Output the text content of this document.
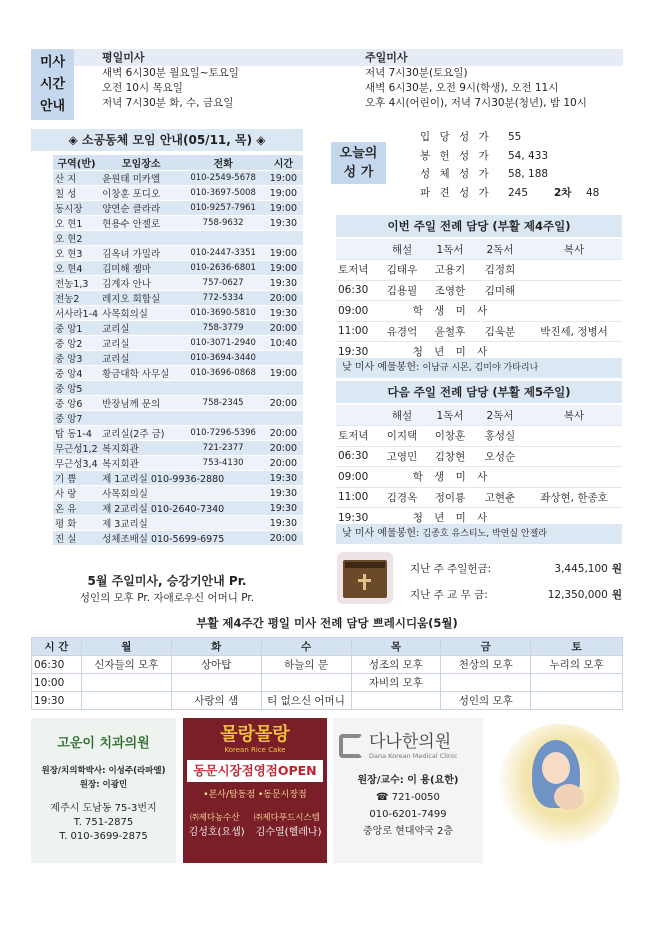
미사
시간
안내
평일미사
새벽 6시30분 월요일~토요일
오전 10시 목요일
저녁 7시30분 화, 수, 금요일
주일미사
저녁 7시30분(토요일)
새벽 6시30분, 오전 9시(학생), 오전 11시
오후 4시(어린이), 저녁 7시30분(청년), 밤 10시
◈ 소공동체 모임 안내(05/11, 목) ◈
구역(반)	모임장소	전화	시간
산 지	윤원태 미카엘	010-2549-5678	19:00
칠 성	이창훈 포디오	010-3697-5008	19:00
동시장	양연순 클라라	010-9257-7961	19:00
오 현1	현용수 안젤로	758-9632	19:30
오 현2			
오 현3	김옥녀 가밀라	010-2447-3351	19:00
오 현4	김미해 젬마	010-2636-6801	19:00
전농1,3	김계자 안나	757-0627	19:30
전농2	레지오 회합실	772-5334	20:00
서사라1-4	사목회의실	010-3690-5810	19:30
중 앙1	교리실	758-3779	20:00
중 앙2	교리실	010-3071-2940	10:40
중 앙3	교리실	010-3694-3440	
중 앙4	황금대학 사무실	010-3696-0868	19:00
중 앙5			
중 앙6	반장님께 문의	758-2345	20:00
중 앙7			
탑 동1-4	교리실(2주 금)	010-7296-5396	20:00
무근성1,2	복지회관	721-2377	20:00
무근성3,4	복지회관	753-4130	20:00
기 쁨	제 1교리실 010-9936-2880		19:30
사 랑	사목회의실		19:30
온 유	제 2교리실 010-2640-7340		19:30
평 화	제 3교리실		19:30
진 실	성체조배실 010-5699-6975		20:00
5월 주일미사, 승강기안내 Pr.
성인의 모후 Pr. 자애로우신 어머니 Pr.
오늘의
성 가
입 당 성 가 55
봉 헌 성 가 54, 433
성 체 성 가 58, 188
파 견 성 가 245 2차 48
이번 주일 전례 담당 (부활 제4주일)
	해설	1독서	2독서	복사
토저녁	김태우	고용기	김정희	
06:30	김용필	조영한	김미해	
09:00	학 생 미 사			
11:00	유경억	윤철후	김욱분	박진세, 정병서
19:30	청 년 미 사			
낮 미사 예물봉헌: 이남규 시몬, 김미야 가타리나
다음 주일 전례 담당 (부활 제5주일)
	해설	1독서	2독서	복사
토저녁	이지택	이창훈	홍성실	
06:30	고영민	김창현	오성순	
09:00	학 생 미 사			
11:00	김경옥	정이룡	고현춘	좌상현, 한종호
19:30	청 년 미 사			
낮 미사 예물봉헌: 김종호 유스티노, 박연실 안젤라
지난 주 주일헌금:	3,445,100 원
지난 주 교 무 금:	12,350,000 원
부활 제4주간 평일 미사 전례 담당 쁘레시디움(5월)
시 간	월	화	수	목	금	토
06:30	신자들의 모후	상아탑	하늘의 문	성조의 모후	천상의 모후	누리의 모후
10:00				자비의 모후		
19:30		사랑의 샘	티 없으신 어머니		성인의 모후	
고운이 치과의원
원장/치의학박사: 이성주(라파엘)
원장: 이광민
제주시 도남동 75-3번지
T. 751-2875
T. 010-3699-2875
몰랑몰랑
Korean Rice Cake
동문시장점영점OPEN
•본사/탑동점 •동문시장점
㈜제다농수산 ㈜제다푸드시스템
김성호(요셉) 김수열(헬레나)
다나한의원
Dana Korean Medical Clinic
원장/교수: 이 용(요한)
☎ 721-0050
010-6201-7499
중앙로 현대약국 2층
